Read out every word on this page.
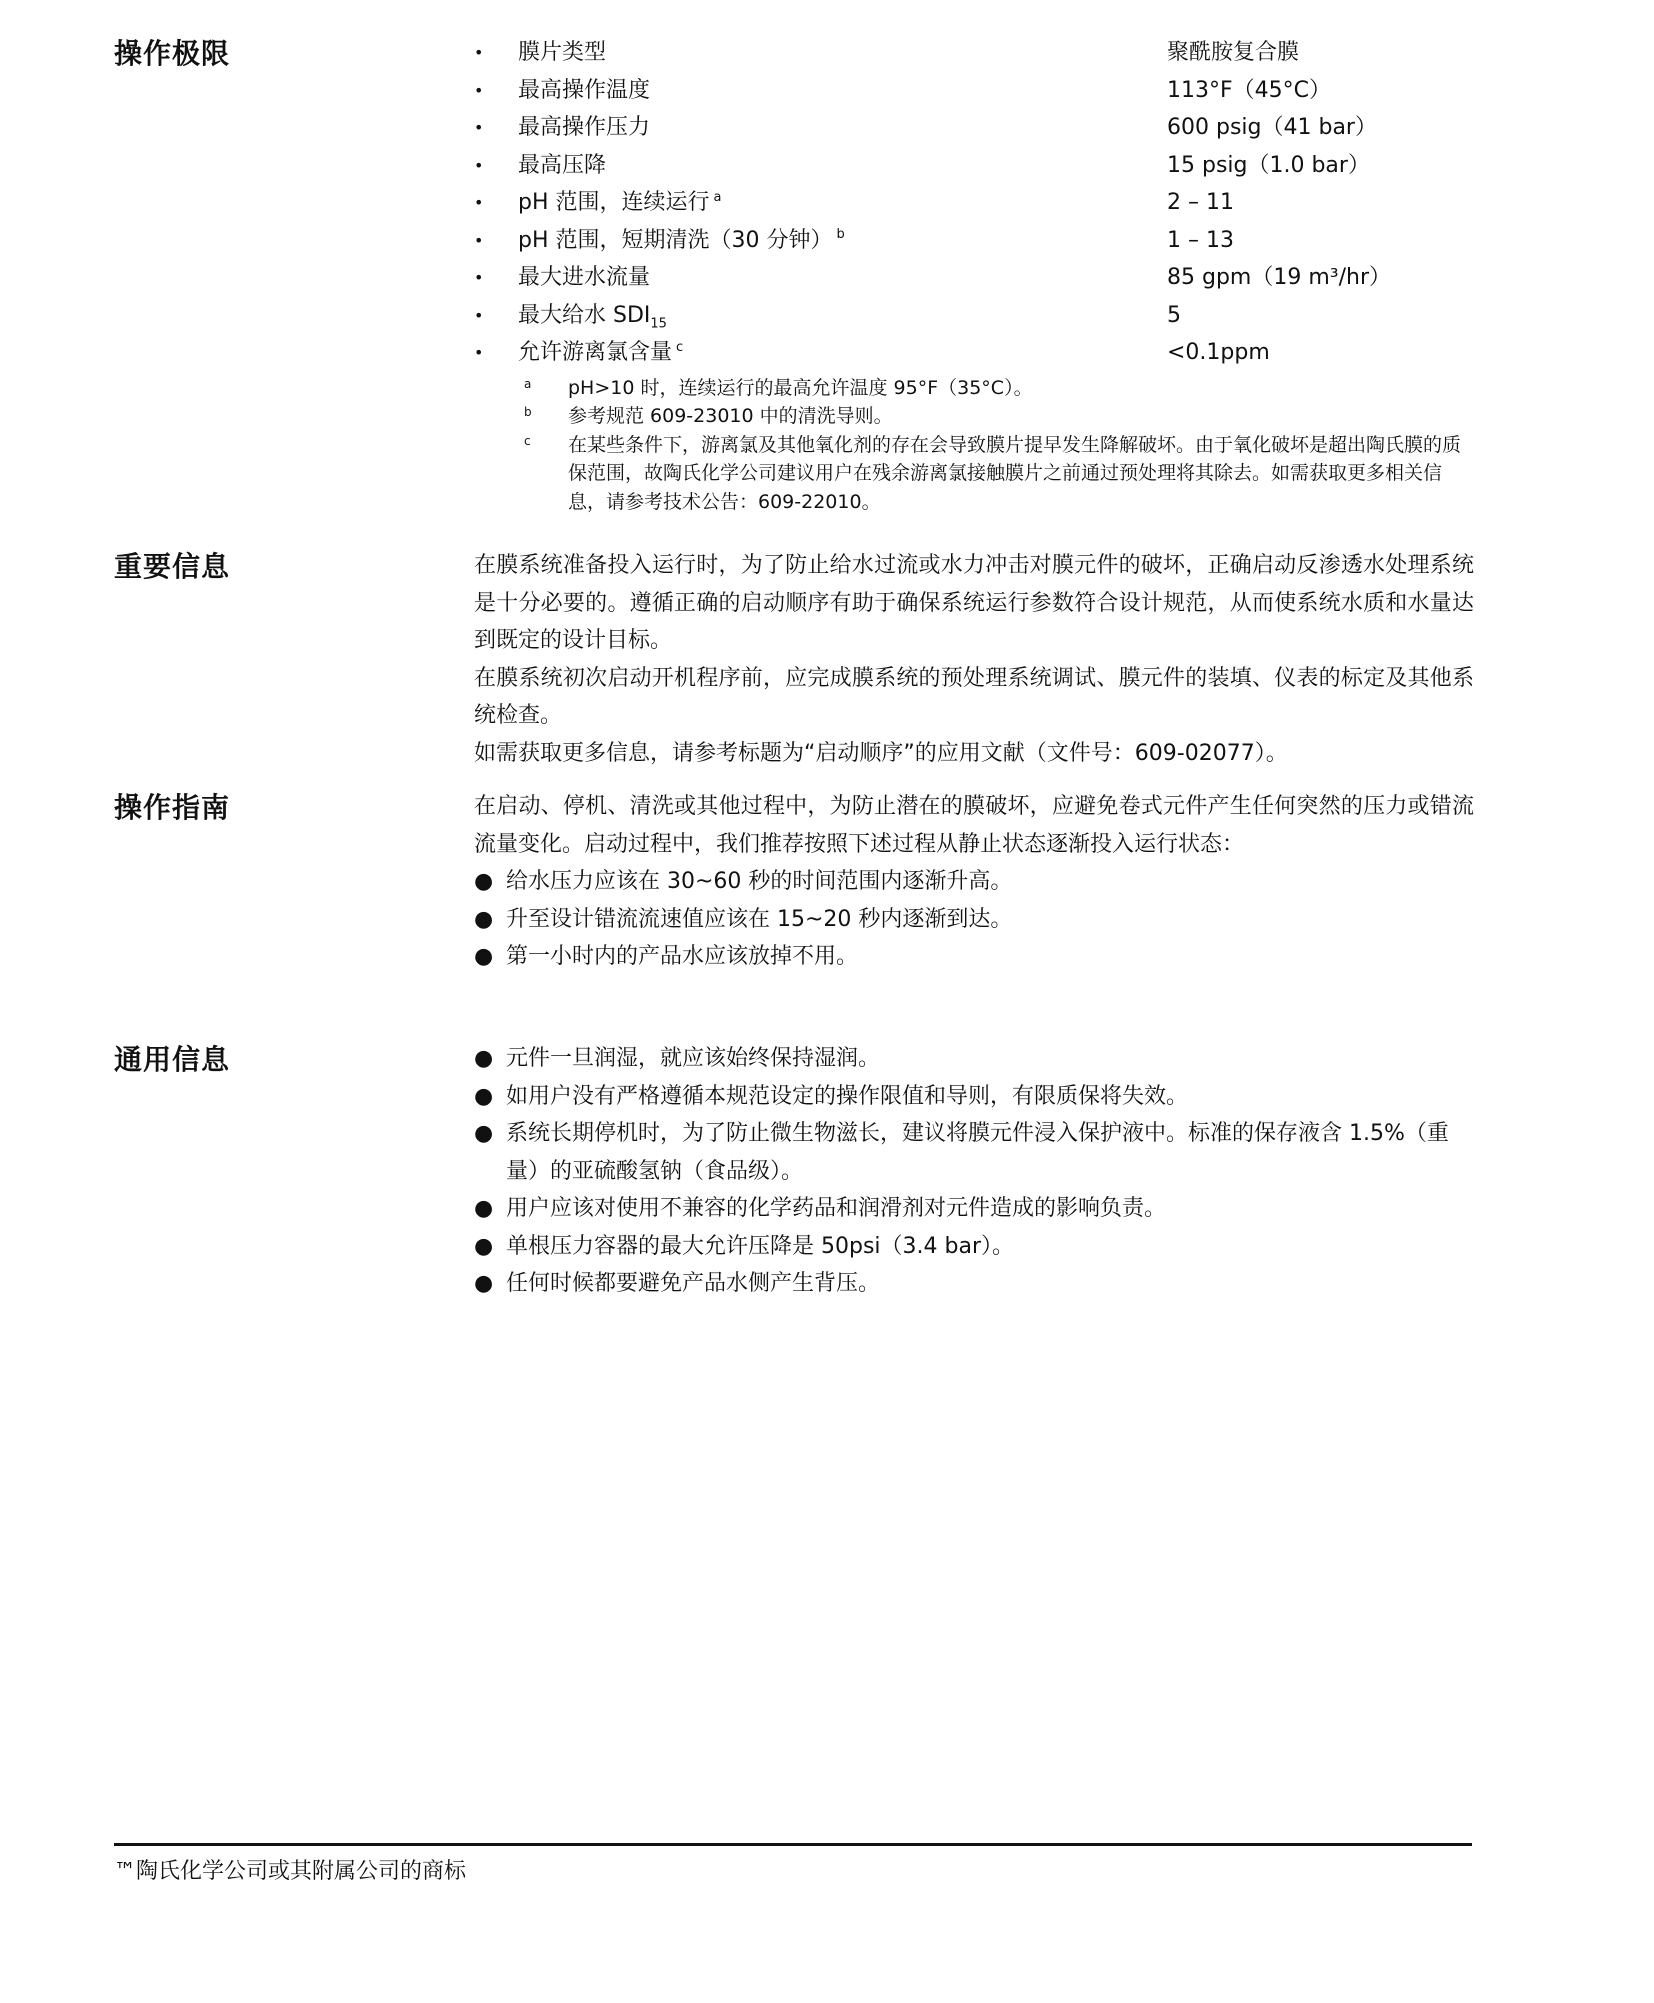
操作极限	• 膜片类型	聚酰胺复合膜
• 最高操作温度	113°F（45°C）
• 最高操作压力	600 psig（41 bar）
• 最高压降	15 psig（1.0 bar）
• pH 范围，连续运行 $^a$	2 – 11
• pH 范围，短期清洗（30 分钟） $^b$	1 – 13
• 最大进水流量	85 gpm（19 m³/hr）
• 最大给水 $SDI_{15}$	5
• 允许游离氯含量 $^c$	<0.1ppm
a pH>10 时，连续运行的最高允许温度 95°F（35°C）。
b 参考规范 609-23010 中的清洗导则。
c 在某些条件下，游离氯及其他氧化剂的存在会导致膜片提早发生降解破坏。由于氧化破坏是超出陶氏膜的质保范围，故陶氏化学公司建议用户在残余游离氯接触膜片之前通过预处理将其除去。如需获取更多相关信息，请参考技术公告：609-22010。
重要信息	在膜系统准备投入运行时，为了防止给水过流或水力冲击对膜元件的破坏，正确启动反渗透水处理系统是十分必要的。遵循正确的启动顺序有助于确保系统运行参数符合设计规范，从而使系统水质和水量达到既定的设计目标。

在膜系统初次启动开机程序前，应完成膜系统的预处理系统调试、膜元件的装填、仪表的标定及其他系统检查。

如需获取更多信息，请参考标题为“启动顺序”的应用文献（文件号：609-02077）。

操作指南	在启动、停机、清洗或其他过程中，为防止潜在的膜破坏，应避免卷式元件产生任何突然的压力或错流流量变化。启动过程中，我们推荐按照下述过程从静止状态逐渐投入运行状态：

● 给水压力应该在 30~60 秒的时间范围内逐渐升高。
● 升至设计错流流速值应该在 15~20 秒内逐渐到达。
● 第一小时内的产品水应该放掉不用。
通用信息	● 元件一旦润湿，就应该始终保持湿润。
● 如用户没有严格遵循本规范设定的操作限值和导则，有限质保将失效。
● 系统长期停机时，为了防止微生物滋长，建议将膜元件浸入保护液中。标准的保存液含 1.5%（重量）的亚硫酸氢钠（食品级）。
● 用户应该对使用不兼容的化学药品和润滑剂对元件造成的影响负责。
● 单根压力容器的最大允许压降是 50psi（3.4 bar）。
● 任何时候都要避免产品水侧产生背压。
™陶氏化学公司或其附属公司的商标
